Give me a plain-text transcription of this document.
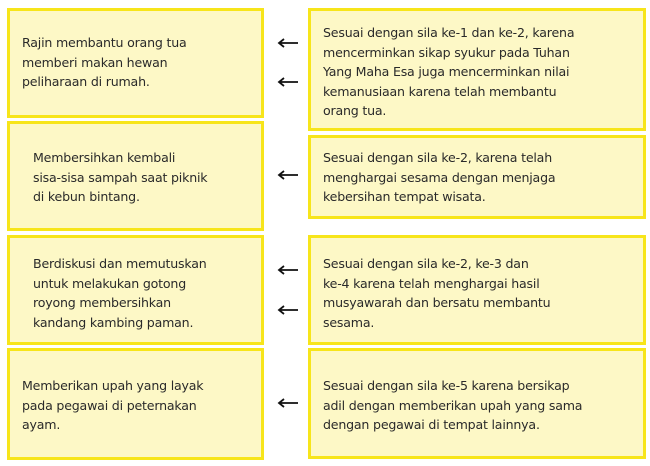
Rajin membantu orang tua
memberi makan hewan
peliharaan di rumah.
Sesuai dengan sila ke-1 dan ke-2, karena
mencerminkan sikap syukur pada Tuhan
Yang Maha Esa juga mencerminkan nilai
kemanusiaan karena telah membantu
orang tua.
Membersihkan kembali
sisa-sisa sampah saat piknik
di kebun bintang.
Sesuai dengan sila ke-2, karena telah
menghargai sesama dengan menjaga
kebersihan tempat wisata.
Berdiskusi dan memutuskan
untuk melakukan gotong
royong membersihkan
kandang kambing paman.
Sesuai dengan sila ke-2, ke-3 dan
ke-4 karena telah menghargai hasil
musyawarah dan bersatu membantu
sesama.
Memberikan upah yang layak
pada pegawai di peternakan
ayam.
Sesuai dengan sila ke-5 karena bersikap
adil dengan memberikan upah yang sama
dengan pegawai di tempat lainnya.
